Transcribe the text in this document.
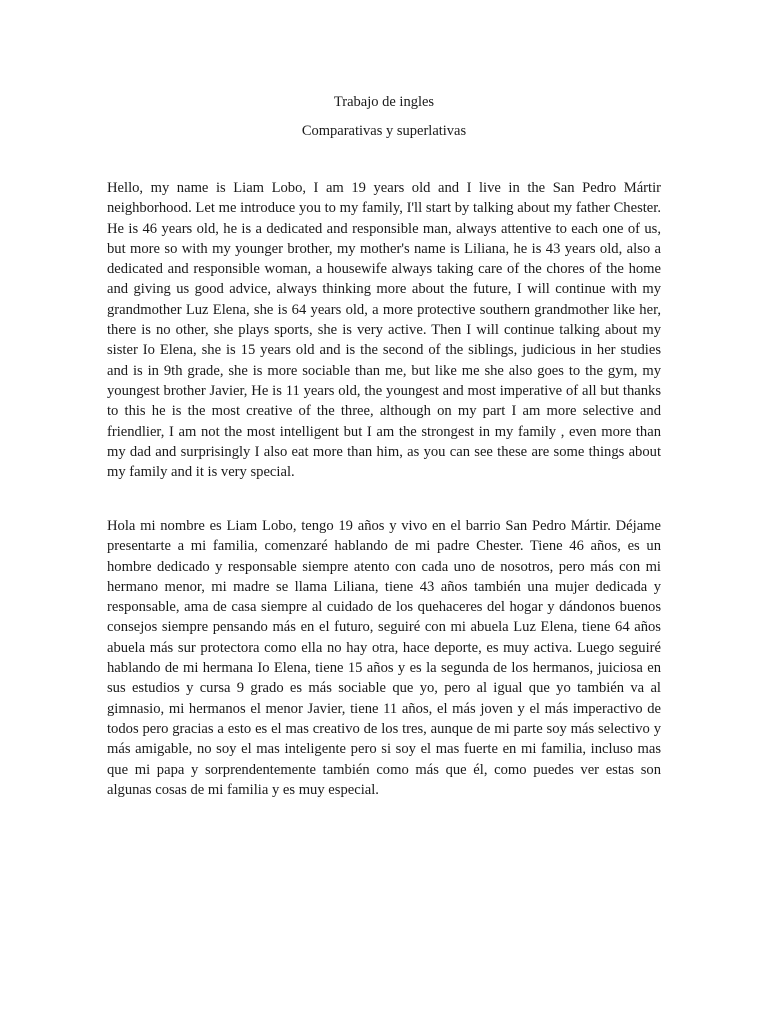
Trabajo de ingles
Comparativas y superlativas

Hello, my name is Liam Lobo, I am 19 years old and I live in the San Pedro Mártir neighborhood. Let me introduce you to my family, I'll start by talking about my father Chester. He is 46 years old, he is a dedicated and responsible man, always attentive to each one of us, but more so with my younger brother, my mother's name is Liliana, he is 43 years old, also a dedicated and responsible woman, a housewife always taking care of the chores of the home and giving us good advice, always thinking more about the future, I will continue with my grandmother Luz Elena, she is 64 years old, a more protective southern grandmother like her, there is no other, she plays sports, she is very active. Then I will continue talking about my sister Io Elena, she is 15 years old and is the second of the siblings, judicious in her studies and is in 9th grade, she is more sociable than me, but like me she also goes to the gym, my youngest brother Javier, He is 11 years old, the youngest and most imperative of all but thanks to this he is the most creative of the three, although on my part I am more selective and friendlier, I am not the most intelligent but I am the strongest in my family , even more than my dad and surprisingly I also eat more than him, as you can see these are some things about my family and it is very special.

Hola mi nombre es Liam Lobo, tengo 19 años y vivo en el barrio San Pedro Mártir. Déjame presentarte a mi familia, comenzaré hablando de mi padre Chester. Tiene 46 años, es un hombre dedicado y responsable siempre atento con cada uno de nosotros, pero más con mi hermano menor, mi madre se llama Liliana, tiene 43 años también una mujer dedicada y responsable, ama de casa siempre al cuidado de los quehaceres del hogar y dándonos buenos consejos siempre pensando más en el futuro, seguiré con mi abuela Luz Elena, tiene 64 años abuela más sur protectora como ella no hay otra, hace deporte, es muy activa. Luego seguiré hablando de mi hermana Io Elena, tiene 15 años y es la segunda de los hermanos, juiciosa en sus estudios y cursa 9 grado es más sociable que yo, pero al igual que yo también va al gimnasio, mi hermanos el menor Javier, tiene 11 años, el más joven y el más imperactivo de todos pero gracias a esto es el mas creativo de los tres, aunque de mi parte soy más selectivo y más amigable, no soy el mas inteligente pero si soy el mas fuerte en mi familia, incluso mas que mi papa y sorprendentemente también como más que él, como puedes ver estas son algunas cosas de mi familia y es muy especial.
